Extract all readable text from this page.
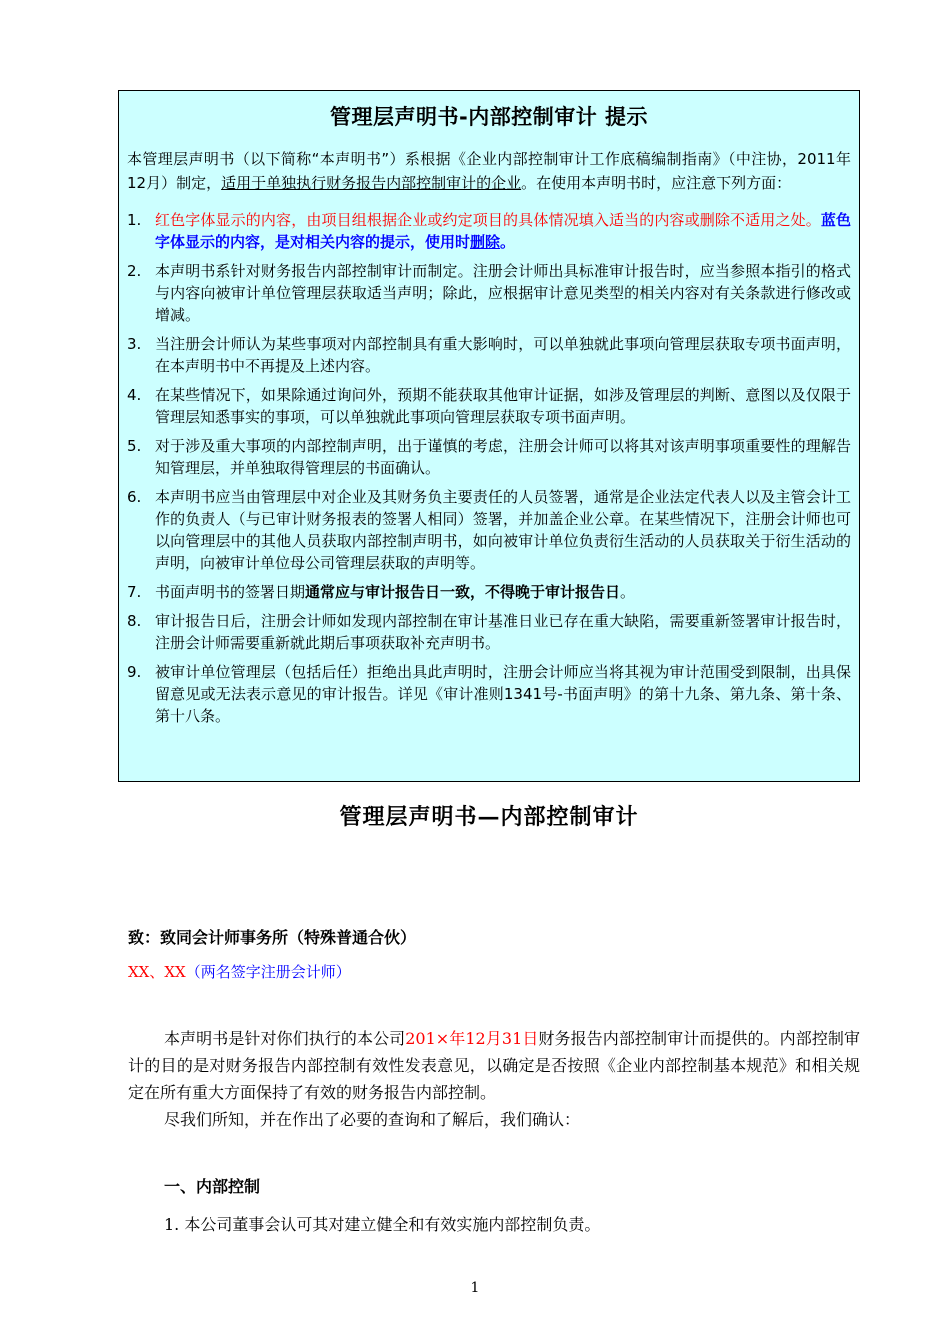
管理层声明书-内部控制审计 提示
本管理层声明书（以下简称“本声明书”）系根据《企业内部控制审计工作底稿编制指南》（中注协，2011年12月）制定，适用于单独执行财务报告内部控制审计的企业。在使用本声明书时，应注意下列方面：
1. 红色字体显示的内容，由项目组根据企业或约定项目的具体情况填入适当的内容或删除不适用之处。蓝色字体显示的内容，是对相关内容的提示，使用时删除。
2. 本声明书系针对财务报告内部控制审计而制定。注册会计师出具标准审计报告时，应当参照本指引的格式与内容向被审计单位管理层获取适当声明；除此，应根据审计意见类型的相关内容对有关条款进行修改或增减。
3. 当注册会计师认为某些事项对内部控制具有重大影响时，可以单独就此事项向管理层获取专项书面声明，在本声明书中不再提及上述内容。
4. 在某些情况下，如果除通过询问外，预期不能获取其他审计证据，如涉及管理层的判断、意图以及仅限于管理层知悉事实的事项，可以单独就此事项向管理层获取专项书面声明。
5. 对于涉及重大事项的内部控制声明，出于谨慎的考虑，注册会计师可以将其对该声明事项重要性的理解告知管理层，并单独取得管理层的书面确认。
6. 本声明书应当由管理层中对企业及其财务负主要责任的人员签署，通常是企业法定代表人以及主管会计工作的负责人（与已审计财务报表的签署人相同）签署，并加盖企业公章。在某些情况下，注册会计师也可以向管理层中的其他人员获取内部控制声明书，如向被审计单位负责衍生活动的人员获取关于衍生活动的声明，向被审计单位母公司管理层获取的声明等。
7. 书面声明书的签署日期通常应与审计报告日一致，不得晚于审计报告日。
8. 审计报告日后，注册会计师如发现内部控制在审计基准日业已存在重大缺陷，需要重新签署审计报告时，注册会计师需要重新就此期后事项获取补充声明书。
9. 被审计单位管理层（包括后任）拒绝出具此声明时，注册会计师应当将其视为审计范围受到限制，出具保留意见或无法表示意见的审计报告。详见《审计准则1341号-书面声明》的第十九条、第九条、第十条、第十八条。
管理层声明书—内部控制审计
致：致同会计师事务所（特殊普通合伙）
XX、XX（两名签字注册会计师）
本声明书是针对你们执行的本公司201×年12月31日财务报告内部控制审计而提供的。内部控制审计的目的是对财务报告内部控制有效性发表意见，以确定是否按照《企业内部控制基本规范》和相关规定在所有重大方面保持了有效的财务报告内部控制。
尽我们所知，并在作出了必要的查询和了解后，我们确认：
一、内部控制
1. 本公司董事会认可其对建立健全和有效实施内部控制负责。
1
